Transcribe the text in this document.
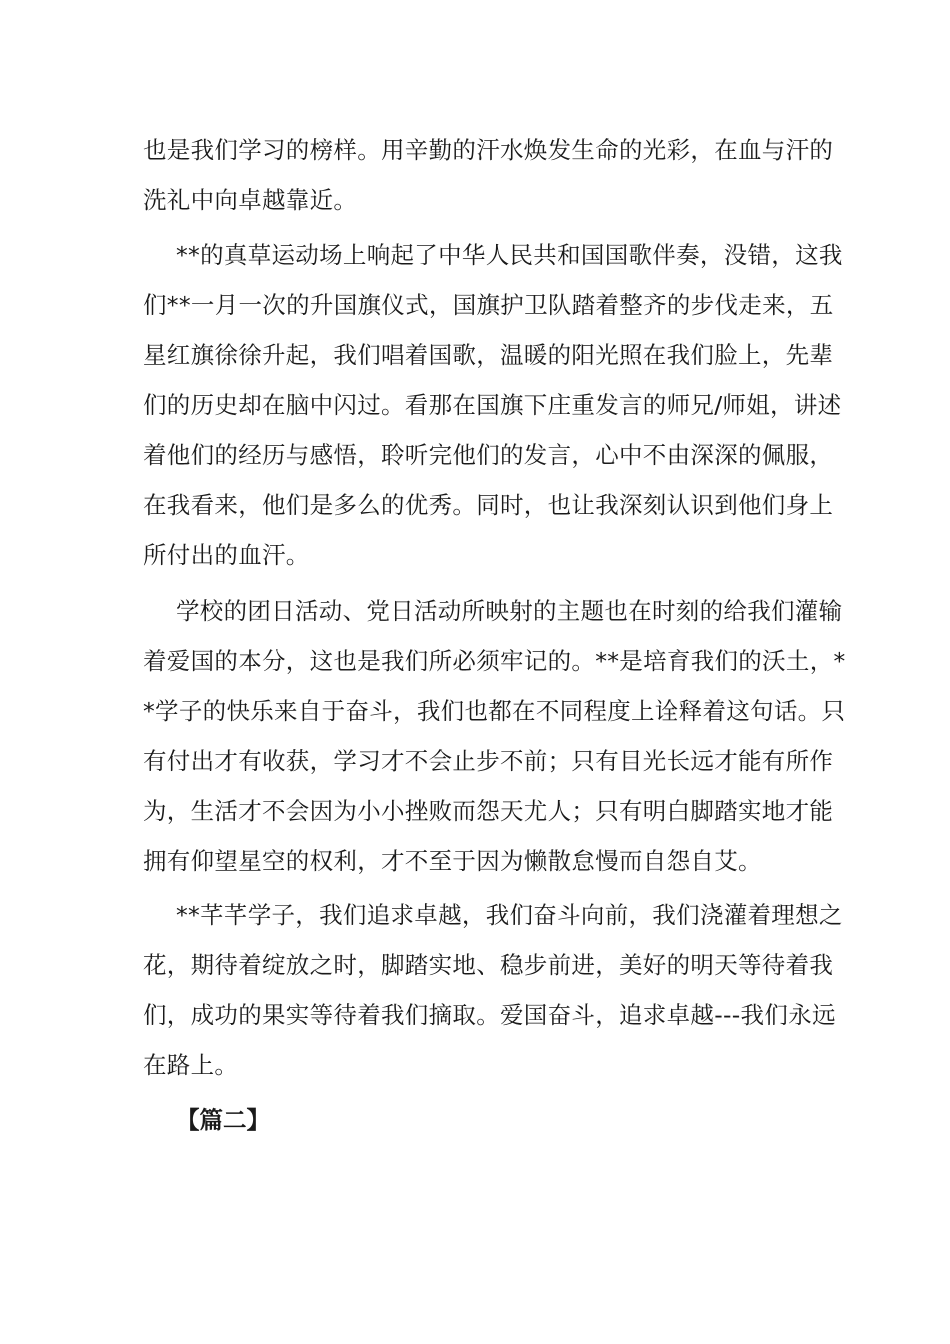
也是我们学习的榜样。用辛勤的汗水焕发生命的光彩，在血与汗的

洗礼中向卓越靠近。

**的真草运动场上响起了中华人民共和国国歌伴奏，没错，这我

们**一月一次的升国旗仪式，国旗护卫队踏着整齐的步伐走来，五

星红旗徐徐升起，我们唱着国歌，温暖的阳光照在我们脸上，先辈

们的历史却在脑中闪过。看那在国旗下庄重发言的师兄/师姐，讲述

着他们的经历与感悟，聆听完他们的发言，心中不由深深的佩服，

在我看来，他们是多么的优秀。同时，也让我深刻认识到他们身上

所付出的血汗。

学校的团日活动、党日活动所映射的主题也在时刻的给我们灌输

着爱国的本分，这也是我们所必须牢记的。**是培育我们的沃土，*

*学子的快乐来自于奋斗，我们也都在不同程度上诠释着这句话。只

有付出才有收获，学习才不会止步不前；只有目光长远才能有所作

为，生活才不会因为小小挫败而怨天尤人；只有明白脚踏实地才能

拥有仰望星空的权利，才不至于因为懒散怠慢而自怨自艾。

**芊芊学子，我们追求卓越，我们奋斗向前，我们浇灌着理想之

花，期待着绽放之时，脚踏实地、稳步前进，美好的明天等待着我

们，成功的果实等待着我们摘取。爱国奋斗，追求卓越---我们永远

在路上。

【篇二】
